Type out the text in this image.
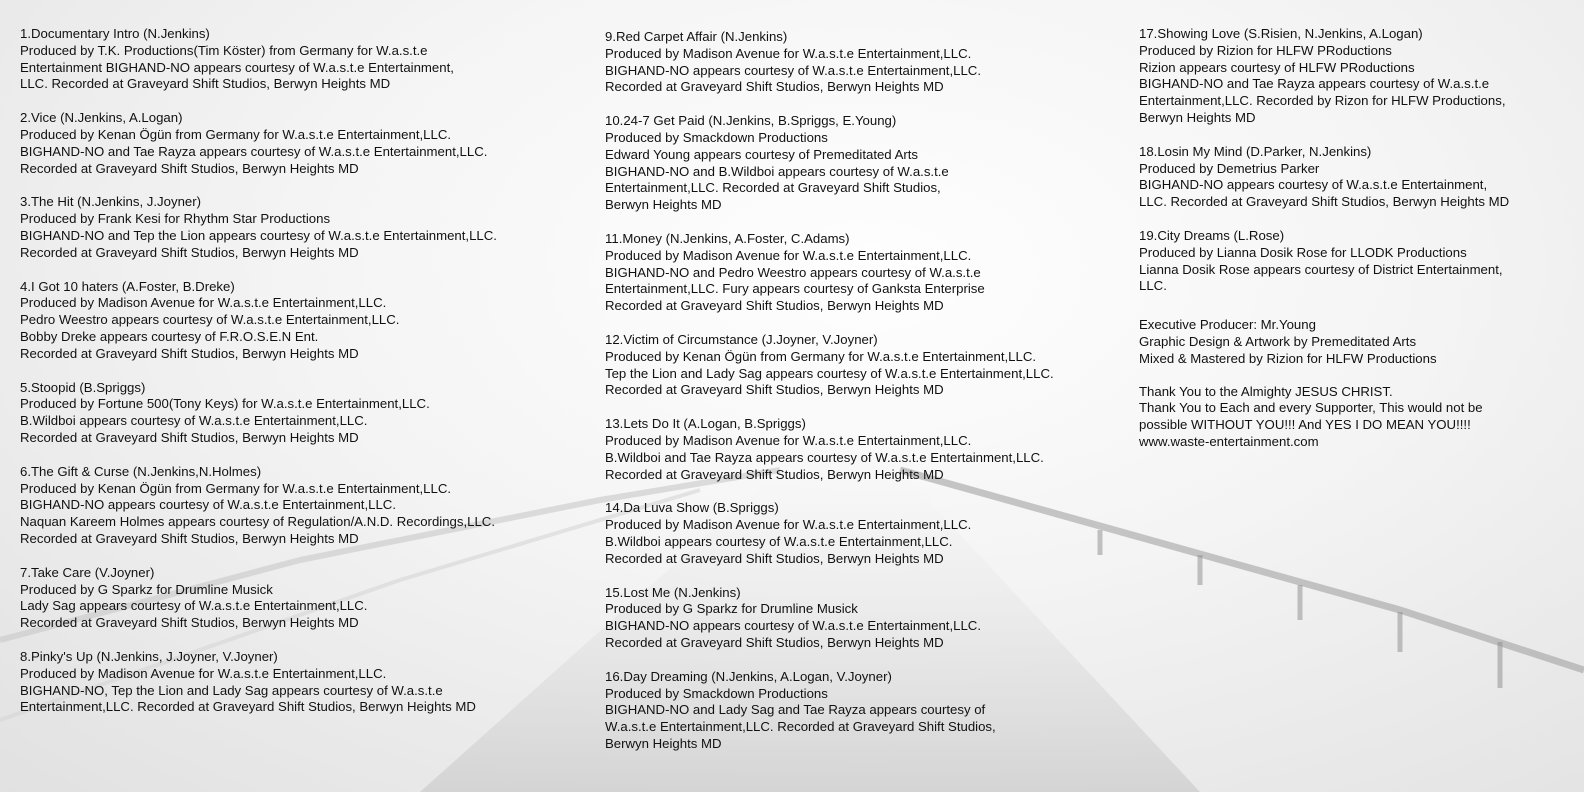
1.Documentary Intro (N.Jenkins)
Produced by T.K. Productions(Tim Köster) from Germany for W.a.s.t.e
Entertainment BIGHAND-NO appears courtesy of W.a.s.t.e Entertainment,
LLC. Recorded at Graveyard Shift Studios, Berwyn Heights MD
2.Vice (N.Jenkins, A.Logan)
Produced by Kenan Ögün from Germany for W.a.s.t.e Entertainment,LLC.
BIGHAND-NO and Tae Rayza appears courtesy of W.a.s.t.e Entertainment,LLC.
Recorded at Graveyard Shift Studios, Berwyn Heights MD
3.The Hit (N.Jenkins, J.Joyner)
Produced by Frank Kesi for Rhythm Star Productions
BIGHAND-NO and Tep the Lion appears courtesy of W.a.s.t.e Entertainment,LLC.
Recorded at Graveyard Shift Studios, Berwyn Heights MD
4.I Got 10 haters (A.Foster, B.Dreke)
Produced by Madison Avenue for W.a.s.t.e Entertainment,LLC.
Pedro Weestro appears courtesy of W.a.s.t.e Entertainment,LLC.
Bobby Dreke appears courtesy of F.R.O.S.E.N Ent.
Recorded at Graveyard Shift Studios, Berwyn Heights MD
5.Stoopid (B.Spriggs)
Produced by Fortune 500(Tony Keys) for W.a.s.t.e Entertainment,LLC.
B.Wildboi appears courtesy of W.a.s.t.e Entertainment,LLC.
Recorded at Graveyard Shift Studios, Berwyn Heights MD
6.The Gift & Curse (N.Jenkins,N.Holmes)
Produced by Kenan Ögün from Germany for W.a.s.t.e Entertainment,LLC.
BIGHAND-NO appears courtesy of W.a.s.t.e Entertainment,LLC.
Naquan Kareem Holmes appears courtesy of Regulation/A.N.D. Recordings,LLC.
Recorded at Graveyard Shift Studios, Berwyn Heights MD
7.Take Care (V.Joyner)
Produced by G Sparkz for Drumline Musick
Lady Sag appears courtesy of W.a.s.t.e Entertainment,LLC.
Recorded at Graveyard Shift Studios, Berwyn Heights MD
8.Pinky's Up (N.Jenkins, J.Joyner, V.Joyner)
Produced by Madison Avenue for W.a.s.t.e Entertainment,LLC.
BIGHAND-NO, Tep the Lion and Lady Sag appears courtesy of W.a.s.t.e
Entertainment,LLC. Recorded at Graveyard Shift Studios, Berwyn Heights MD
9.Red Carpet Affair (N.Jenkins)
Produced by Madison Avenue for W.a.s.t.e Entertainment,LLC.
BIGHAND-NO appears courtesy of W.a.s.t.e Entertainment,LLC.
Recorded at Graveyard Shift Studios, Berwyn Heights MD
10.24-7 Get Paid (N.Jenkins, B.Spriggs, E.Young)
Produced by Smackdown Productions
Edward Young appears courtesy of Premeditated Arts
BIGHAND-NO and B.Wildboi appears courtesy of W.a.s.t.e
Entertainment,LLC. Recorded at Graveyard Shift Studios,
Berwyn Heights MD
11.Money (N.Jenkins, A.Foster, C.Adams)
Produced by Madison Avenue for W.a.s.t.e Entertainment,LLC.
BIGHAND-NO and Pedro Weestro appears courtesy of W.a.s.t.e
Entertainment,LLC. Fury appears courtesy of Ganksta Enterprise
Recorded at Graveyard Shift Studios, Berwyn Heights MD
12.Victim of Circumstance (J.Joyner, V.Joyner)
Produced by Kenan Ögün from Germany for W.a.s.t.e Entertainment,LLC.
Tep the Lion and Lady Sag appears courtesy of W.a.s.t.e Entertainment,LLC.
Recorded at Graveyard Shift Studios, Berwyn Heights MD
13.Lets Do It (A.Logan, B.Spriggs)
Produced by Madison Avenue for W.a.s.t.e Entertainment,LLC.
B.Wildboi and Tae Rayza appears courtesy of W.a.s.t.e Entertainment,LLC.
Recorded at Graveyard Shift Studios, Berwyn Heights MD
14.Da Luva Show (B.Spriggs)
Produced by Madison Avenue for W.a.s.t.e Entertainment,LLC.
B.Wildboi appears courtesy of W.a.s.t.e Entertainment,LLC.
Recorded at Graveyard Shift Studios, Berwyn Heights MD
15.Lost Me (N.Jenkins)
Produced by G Sparkz for Drumline Musick
BIGHAND-NO appears courtesy of W.a.s.t.e Entertainment,LLC.
Recorded at Graveyard Shift Studios, Berwyn Heights MD
16.Day Dreaming (N.Jenkins, A.Logan, V.Joyner)
Produced by Smackdown Productions
BIGHAND-NO and Lady Sag and Tae Rayza appears courtesy of
W.a.s.t.e Entertainment,LLC. Recorded at Graveyard Shift Studios,
Berwyn Heights MD
17.Showing Love (S.Risien, N.Jenkins, A.Logan)
Produced by Rizion for HLFW PRoductions
Rizion appears courtesy of HLFW PRoductions
BIGHAND-NO and Tae Rayza appears courtesy of W.a.s.t.e
Entertainment,LLC. Recorded by Rizon for HLFW Productions,
Berwyn Heights MD
18.Losin My Mind (D.Parker, N.Jenkins)
Produced by Demetrius Parker
BIGHAND-NO appears courtesy of W.a.s.t.e Entertainment,
LLC. Recorded at Graveyard Shift Studios, Berwyn Heights MD
19.City Dreams (L.Rose)
Produced by Lianna Dosik Rose for LLODK Productions
Lianna Dosik Rose appears courtesy of District Entertainment,
LLC.
Executive Producer: Mr.Young
Graphic Design & Artwork by Premeditated Arts
Mixed & Mastered by Rizion for HLFW Productions
Thank You to the Almighty JESUS CHRIST.
Thank You to Each and every Supporter, This would not be
possible WITHOUT YOU!!! And YES I DO MEAN YOU!!!!
www.waste-entertainment.com
